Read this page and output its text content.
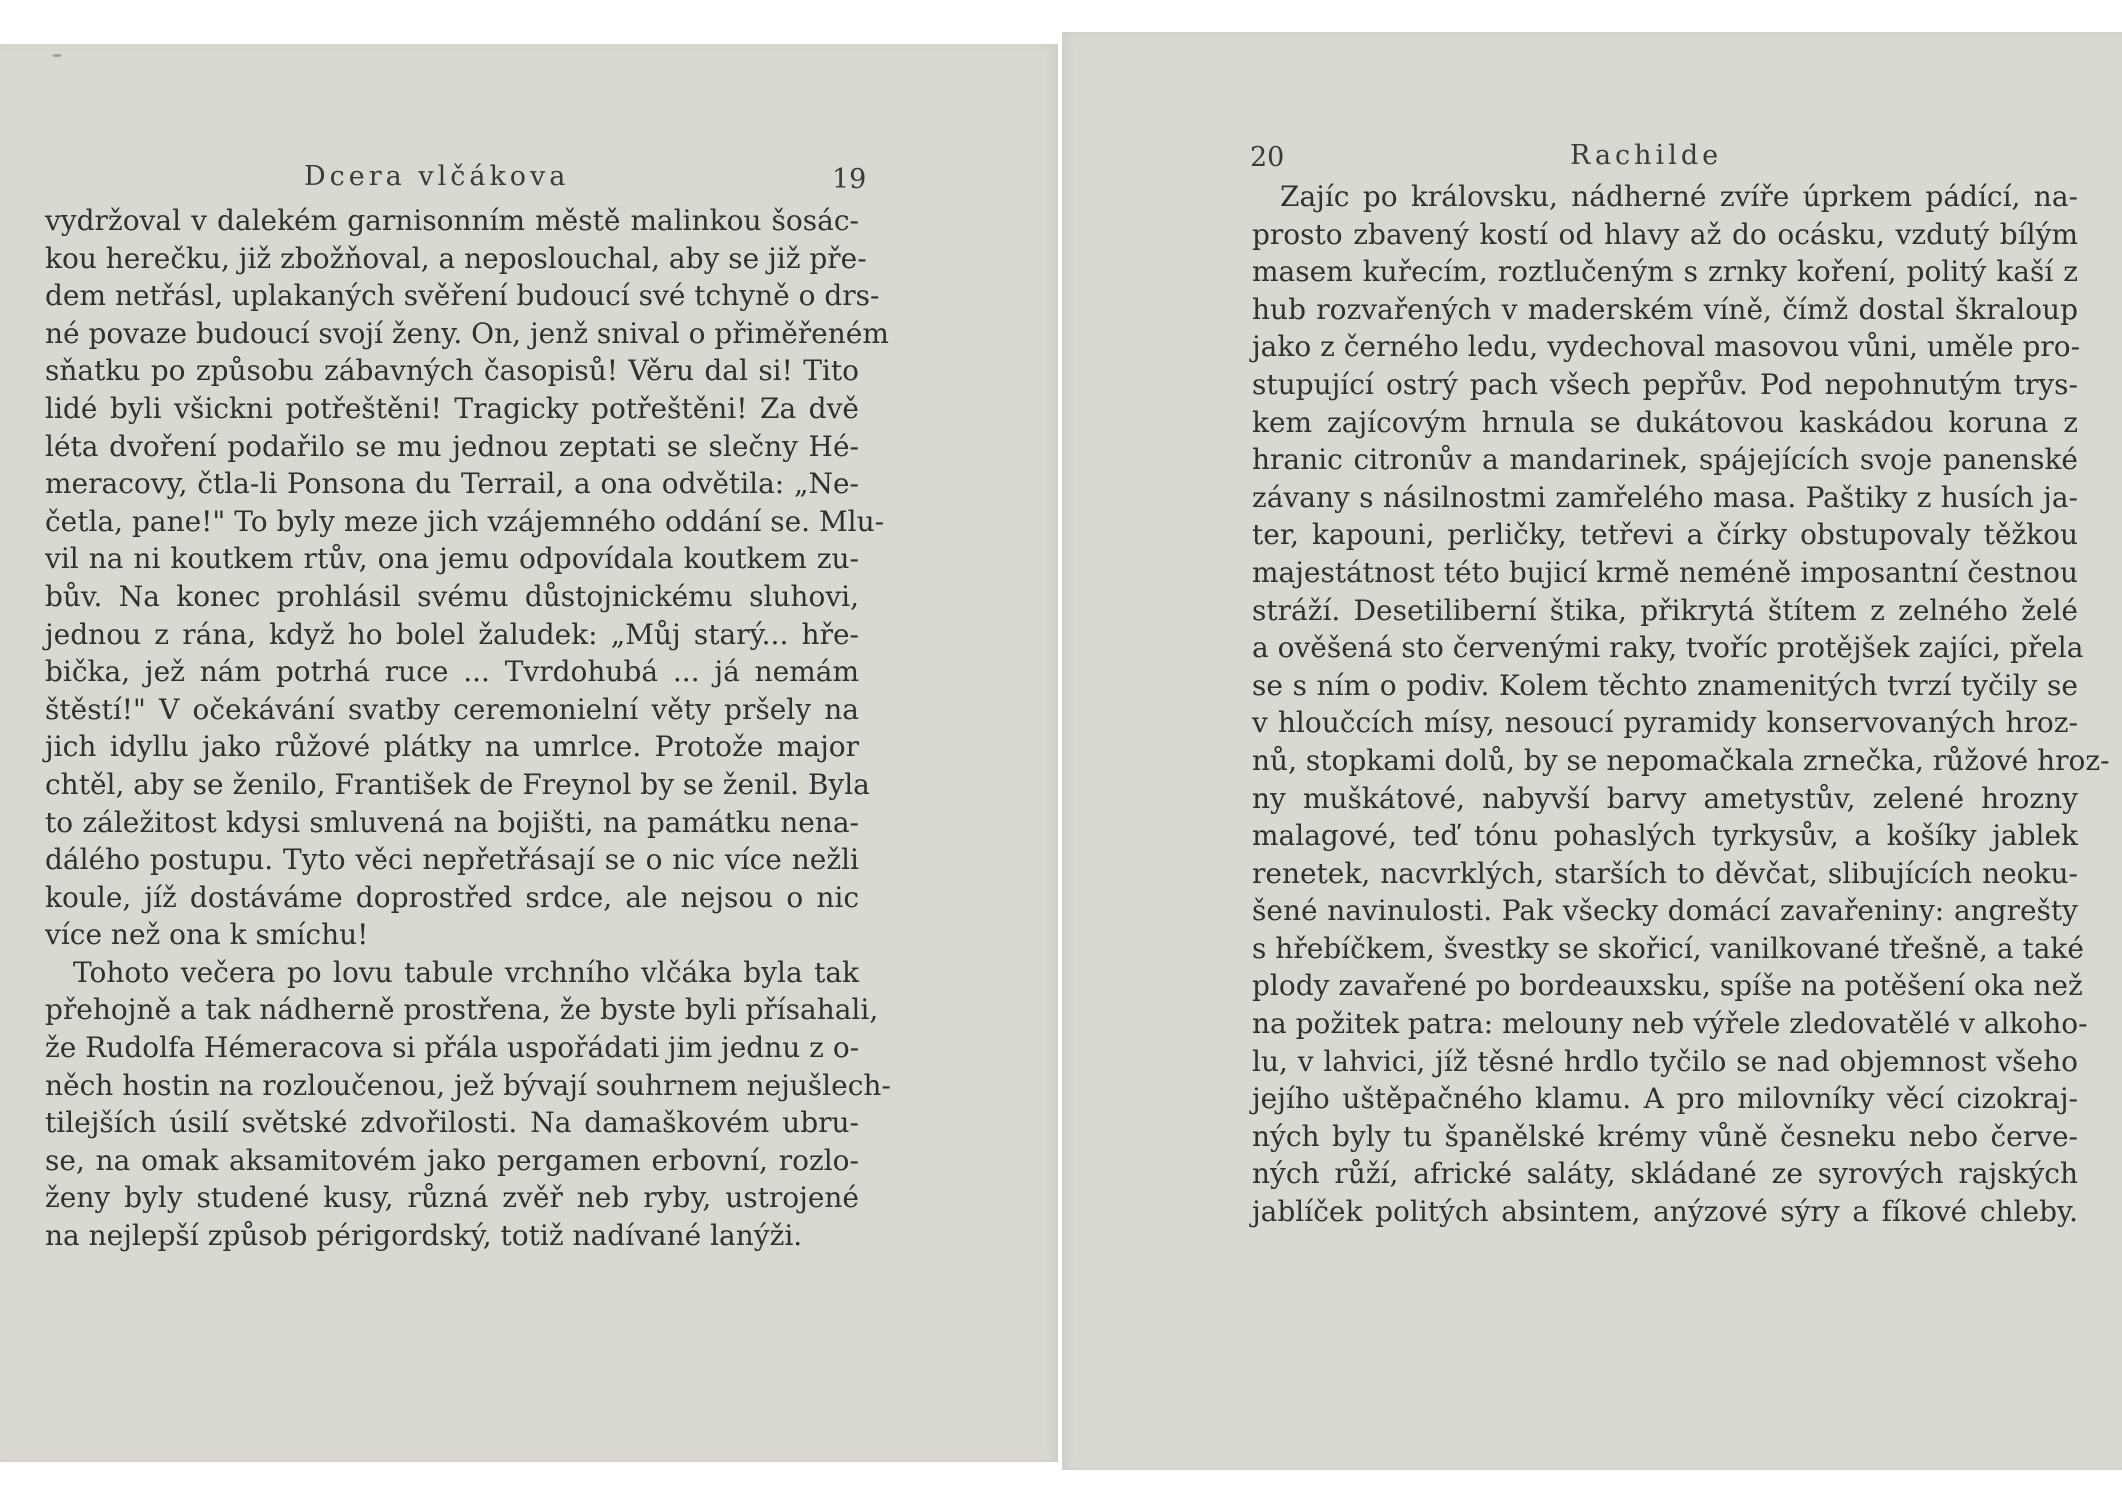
Dcera vlčákova	19
vydržoval v dalekém garnisonním městě malinkou šosác-
kou herečku, již zbožňoval, a neposlouchal, aby se již pře-
dem netřásl, uplakaných svěření budoucí své tchyně o drs-
né povaze budoucí svojí ženy. On, jenž snival o přiměřeném
sňatku po způsobu zábavných časopisů! Věru dal si! Tito
lidé byli všickni potřeštěni! Tragicky potřeštěni! Za dvě
léta dvoření podařilo se mu jednou zeptati se slečny Hé-
meracovy, čtla-li Ponsona du Terrail, a ona odvětila: „Ne-
četla, pane!" To byly meze jich vzájemného oddání se. Mlu-
vil na ni koutkem rtův, ona jemu odpovídala koutkem zu-
bův. Na konec prohlásil svému důstojnickému sluhovi,
jednou z rána, když ho bolel žaludek: „Můj starý... hře-
bička, jež nám potrhá ruce ... Tvrdohubá ... já nemám
štěstí!" V očekávání svatby ceremonielní věty pršely na
jich idyllu jako růžové plátky na umrlce. Protože major
chtěl, aby se ženilo, František de Freynol by se ženil. Byla
to záležitost kdysi smluvená na bojišti, na památku nena-
dálého postupu. Tyto věci nepřetřásají se o nic více nežli
koule, jíž dostáváme doprostřed srdce, ale nejsou o nic
více než ona k smíchu!
Tohoto večera po lovu tabule vrchního vlčáka byla tak
přehojně a tak nádherně prostřena, že byste byli přísahali,
že Rudolfa Hémeracova si přála uspořádati jim jednu z o-
něch hostin na rozloučenou, jež bývají souhrnem nejušlech-
tilejších úsilí světské zdvořilosti. Na damaškovém ubru-
se, na omak aksamitovém jako pergamen erbovní, rozlo-
ženy byly studené kusy, různá zvěř neb ryby, ustrojené
na nejlepší způsob périgordský, totiž nadívané lanýži.
20	Rachilde
Zajíc po královsku, nádherné zvíře úprkem pádící, na-
prosto zbavený kostí od hlavy až do ocásku, vzdutý bílým
masem kuřecím, roztlučeným s zrnky koření, politý kaší z
hub rozvařených v maderském víně, čímž dostal škraloup
jako z černého ledu, vydechoval masovou vůni, uměle pro-
stupující ostrý pach všech pepřův. Pod nepohnutým trys-
kem zajícovým hrnula se dukátovou kaskádou koruna z
hranic citronův a mandarinek, spájejících svoje panenské
závany s násilnostmi zamřelého masa. Paštiky z husích ja-
ter, kapouni, perličky, tetřevi a čírky obstupovaly těžkou
majestátnost této bujicí krmě neméně imposantní čestnou
stráží. Desetiliberní štika, přikrytá štítem z zelného želé
a ověšená sto červenými raky, tvoříc protějšek zajíci, přela
se s ním o podiv. Kolem těchto znamenitých tvrzí tyčily se
v hloučcích mísy, nesoucí pyramidy konservovaných hroz-
nů, stopkami dolů, by se nepomačkala zrnečka, růžové hroz-
ny muškátové, nabyvší barvy ametystův, zelené hrozny
malagové, teď tónu pohaslých tyrkysův, a košíky jablek
renetek, nacvrklých, starších to děvčat, slibujících neoku-
šené navinulosti. Pak všecky domácí zavařeniny: angrešty
s hřebíčkem, švestky se skořicí, vanilkované třešně, a také
plody zavařené po bordeauxsku, spíše na potěšení oka než
na požitek patra: melouny neb výřele zledovatělé v alkoho-
lu, v lahvici, jíž těsné hrdlo tyčilo se nad objemnost všeho
jejího uštěpačného klamu. A pro milovníky věcí cizokraj-
ných byly tu španělské krémy vůně česneku nebo červe-
ných růží, africké saláty, skládané ze syrových rajských
jablíček politých absintem, anýzové sýry a fíkové chleby.
